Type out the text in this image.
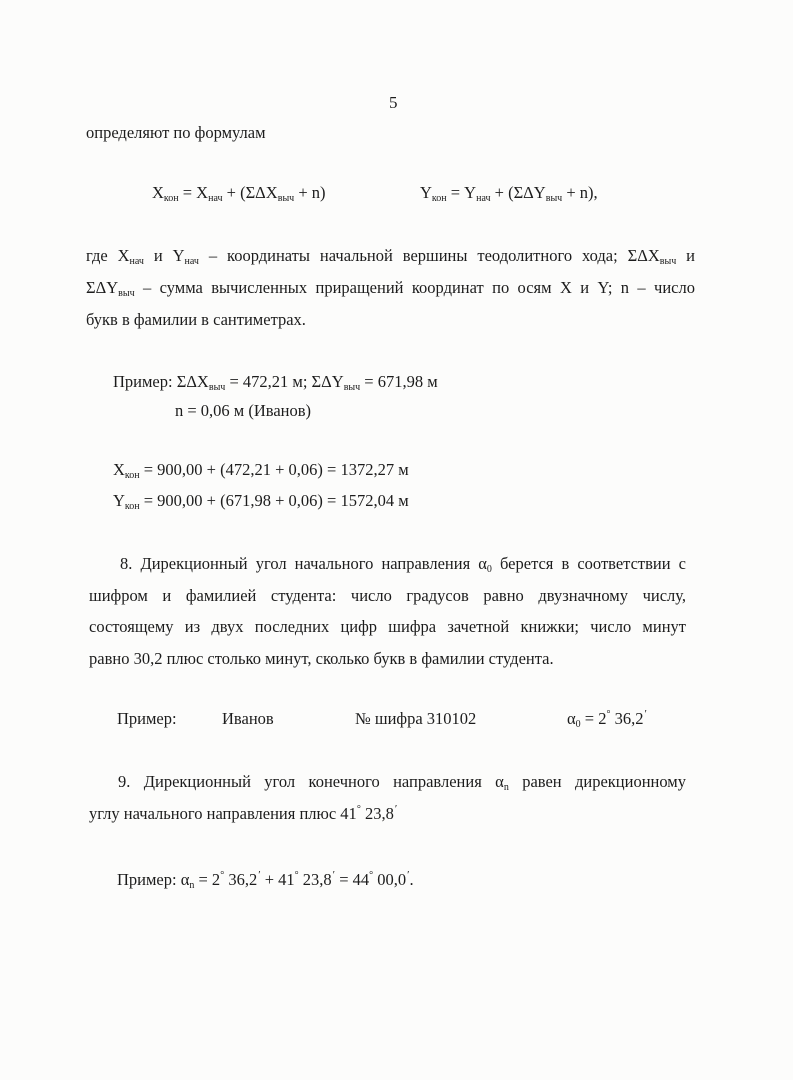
5
определяют по формулам
$X_{кон} = X_{нач} + (\Sigma\Delta X_{выч} + n)$	$Y_{кон} = Y_{нач} + (\Sigma\Delta Y_{выч} + n)$,
где $X_{нач}$ и $Y_{нач}$ – координаты начальной вершины теодолитного хода; $\Sigma\Delta X_{выч}$ и
$\Sigma\Delta Y_{выч}$ – сумма вычисленных приращений координат по осям X и Y; n – число
букв в фамилии в сантиметрах.
Пример: $\Sigma\Delta X_{выч} = 472,21$ м; $\Sigma\Delta Y_{выч} = 671,98$ м
n = 0,06 м (Иванов)
$X_{кон} = 900,00 + (472,21 + 0,06) = 1372,27$ м
$Y_{кон} = 900,00 + (671,98 + 0,06) = 1572,04$ м
8. Дирекционный угол начального направления $\alpha_0$ берется в соответствии с
шифром и фамилией студента: число градусов равно двузначному числу,
состоящему из двух последних цифр шифра зачетной книжки; число минут
равно 30,2 плюс столько минут, сколько букв в фамилии студента.
Пример:	Иванов	№ шифра 310102	$\alpha_0 = 2^\circ$ 36,2′
9. Дирекционный угол конечного направления $\alpha_n$ равен дирекционному
углу начального направления плюс 41° 23,8′
Пример: $\alpha_n = 2^\circ$ 36,2′ + 41° 23,8′ = 44° 00,0′.
